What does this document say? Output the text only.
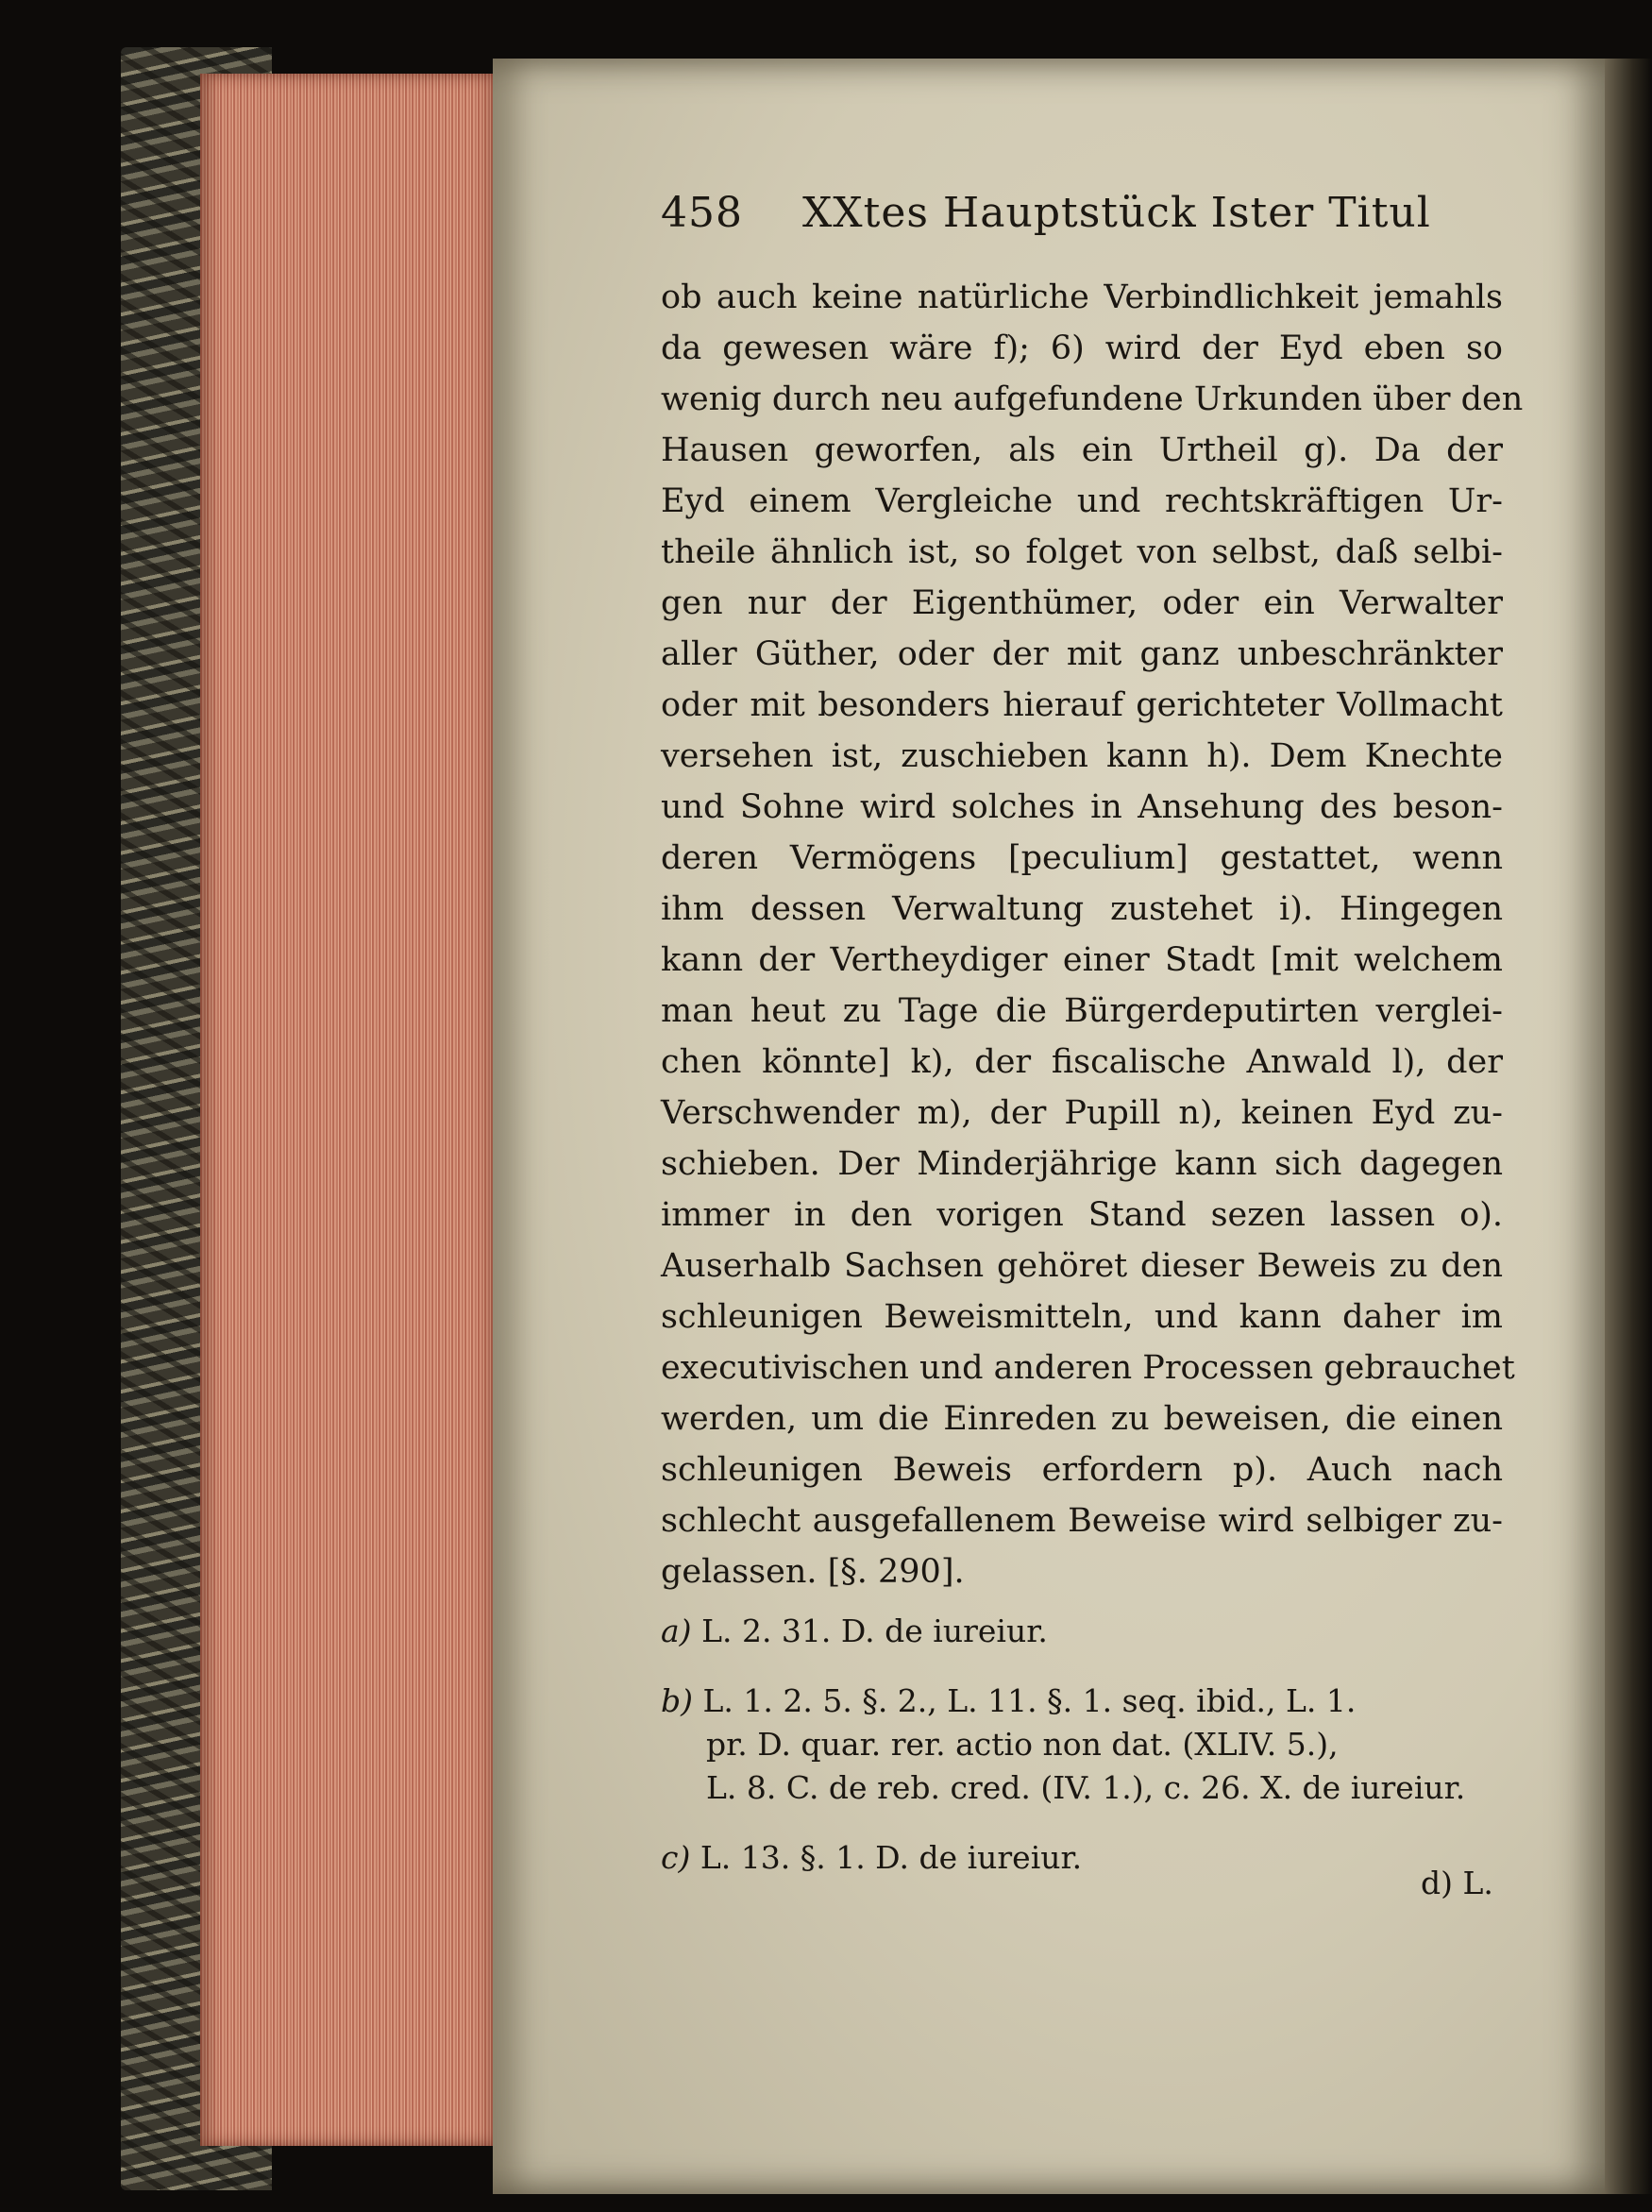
458 XXtes Hauptstück Ister Titul
ob auch keine natürliche Verbindlichkeit jemahls
da gewesen wäre f); 6) wird der Eyd eben so
wenig durch neu aufgefundene Urkunden über den
Hausen geworfen, als ein Urtheil g). Da der
Eyd einem Vergleiche und rechtskräftigen Ur-
theile ähnlich ist, so folget von selbst, daß selbi-
gen nur der Eigenthümer, oder ein Verwalter
aller Güther, oder der mit ganz unbeschränkter
oder mit besonders hierauf gerichteter Vollmacht
versehen ist, zuschieben kann h). Dem Knechte
und Sohne wird solches in Ansehung des beson-
deren Vermögens [peculium] gestattet, wenn
ihm dessen Verwaltung zustehet i). Hingegen
kann der Vertheydiger einer Stadt [mit welchem
man heut zu Tage die Bürgerdeputirten verglei-
chen könnte] k), der fiscalische Anwald l), der
Verschwender m), der Pupill n), keinen Eyd zu-
schieben. Der Minderjährige kann sich dagegen
immer in den vorigen Stand sezen lassen o).
Auserhalb Sachsen gehöret dieser Beweis zu den
schleunigen Beweismitteln, und kann daher im
executivischen und anderen Processen gebrauchet
werden, um die Einreden zu beweisen, die einen
schleunigen Beweis erfordern p). Auch nach
schlecht ausgefallenem Beweise wird selbiger zu-
gelassen. [§. 290].
a) L. 2. 31. D. de iureiur.
b) L. 1. 2. 5. §. 2., L. 11. §. 1. seq. ibid., L. 1.
pr. D. quar. rer. actio non dat. (XLIV. 5.),
L. 8. C. de reb. cred. (IV. 1.), c. 26. X. de iureiur.
c) L. 13. §. 1. D. de iureiur.
d) L.
